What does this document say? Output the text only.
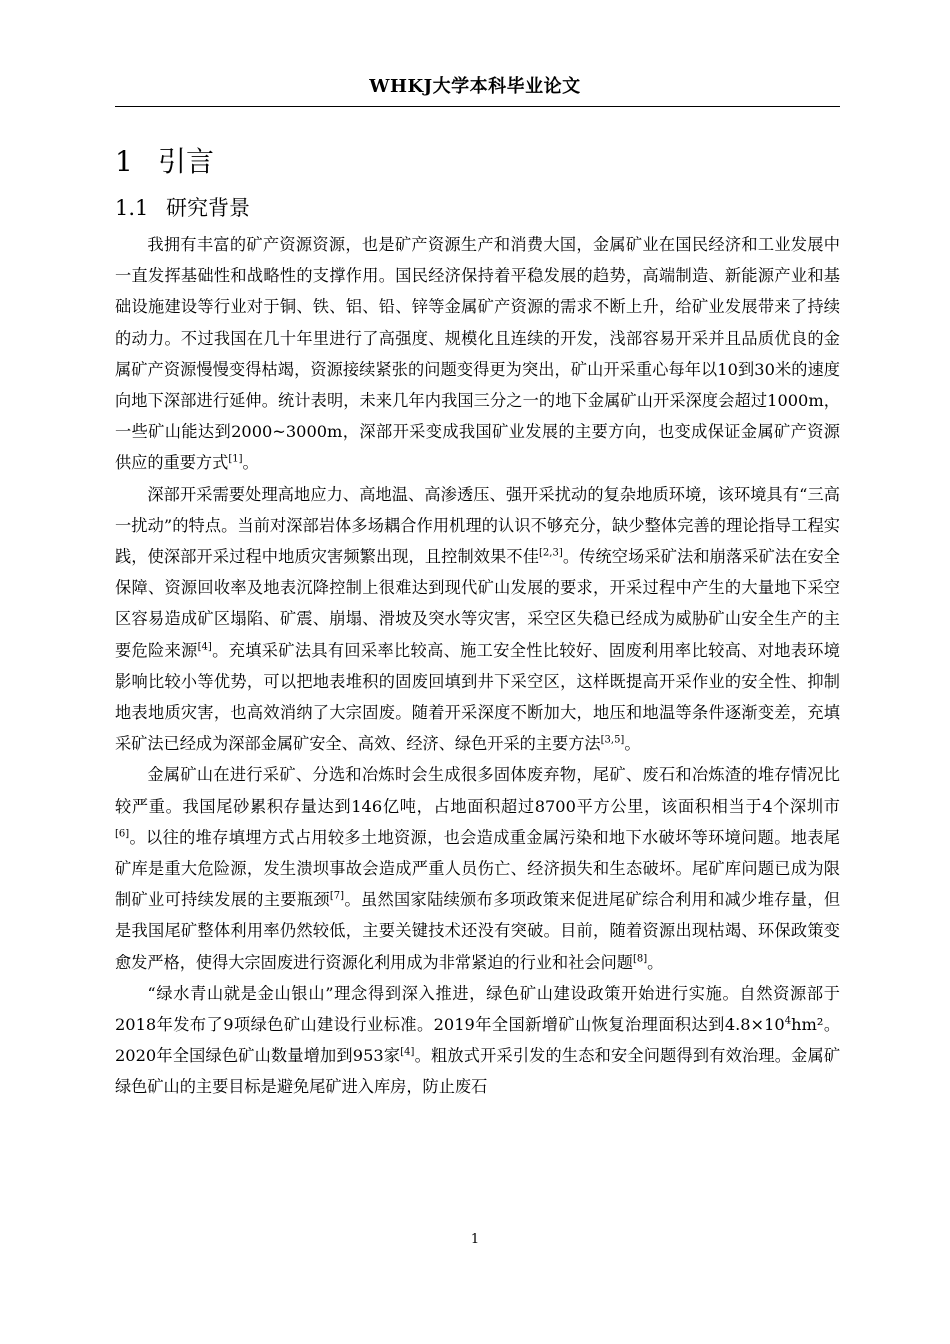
WHKJ大学本科毕业论文
1 引言
1.1 研究背景

我拥有丰富的矿产资源资源，也是矿产资源生产和消费大国，金属矿业在国民经济和工业发展中一直发挥基础性和战略性的支撑作用。国民经济保持着平稳发展的趋势，高端制造、新能源产业和基础设施建设等行业对于铜、铁、铝、铅、锌等金属矿产资源的需求不断上升，给矿业发展带来了持续的动力。不过我国在几十年里进行了高强度、规模化且连续的开发，浅部容易开采并且品质优良的金属矿产资源慢慢变得枯竭，资源接续紧张的问题变得更为突出，矿山开采重心每年以10到30米的速度向地下深部进行延伸。统计表明，未来几年内我国三分之一的地下金属矿山开采深度会超过1000m，一些矿山能达到2000~3000m，深部开采变成我国矿业发展的主要方向，也变成保证金属矿产资源供应的重要方式[1]。

深部开采需要处理高地应力、高地温、高渗透压、强开采扰动的复杂地质环境，该环境具有“三高一扰动”的特点。当前对深部岩体多场耦合作用机理的认识不够充分，缺少整体完善的理论指导工程实践，使深部开采过程中地质灾害频繁出现，且控制效果不佳[2,3]。传统空场采矿法和崩落采矿法在安全保障、资源回收率及地表沉降控制上很难达到现代矿山发展的要求，开采过程中产生的大量地下采空区容易造成矿区塌陷、矿震、崩塌、滑坡及突水等灾害，采空区失稳已经成为威胁矿山安全生产的主要危险来源[4]。充填采矿法具有回采率比较高、施工安全性比较好、固废利用率比较高、对地表环境影响比较小等优势，可以把地表堆积的固废回填到井下采空区，这样既提高开采作业的安全性、抑制地表地质灾害，也高效消纳了大宗固废。随着开采深度不断加大，地压和地温等条件逐渐变差，充填采矿法已经成为深部金属矿安全、高效、经济、绿色开采的主要方法[3,5]。

金属矿山在进行采矿、分选和冶炼时会生成很多固体废弃物，尾矿、废石和冶炼渣的堆存情况比较严重。我国尾砂累积存量达到146亿吨，占地面积超过8700平方公里，该面积相当于4个深圳市[6]。以往的堆存填埋方式占用较多土地资源，也会造成重金属污染和地下水破坏等环境问题。地表尾矿库是重大危险源，发生溃坝事故会造成严重人员伤亡、经济损失和生态破坏。尾矿库问题已成为限制矿业可持续发展的主要瓶颈[7]。虽然国家陆续颁布多项政策来促进尾矿综合利用和减少堆存量，但是我国尾矿整体利用率仍然较低，主要关键技术还没有突破。目前，随着资源出现枯竭、环保政策变愈发严格，使得大宗固废进行资源化利用成为非常紧迫的行业和社会问题[8]。

“绿水青山就是金山银山”理念得到深入推进，绿色矿山建设政策开始进行实施。自然资源部于2018年发布了9项绿色矿山建设行业标准。2019年全国新增矿山恢复治理面积达到$4.8\times 10^4hm^2$。2020年全国绿色矿山数量增加到953家[4]。粗放式开采引发的生态和安全问题得到有效治理。金属矿绿色矿山的主要目标是避免尾矿进入库房，防止废石

1
